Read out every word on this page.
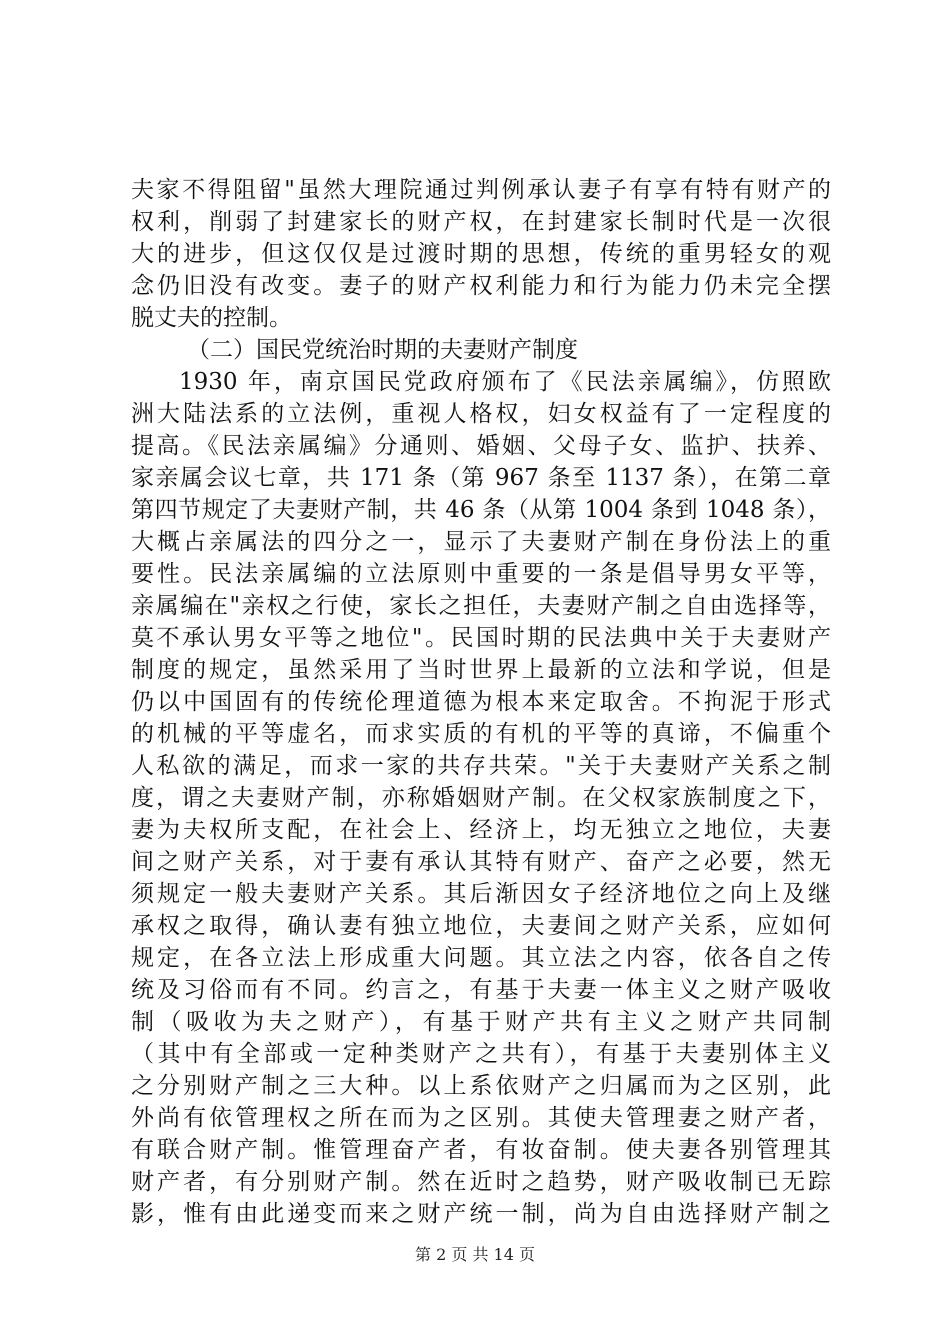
夫家不得阻留"虽然大理院通过判例承认妻子有享有特有财产的
权利，削弱了封建家长的财产权，在封建家长制时代是一次很
大的进步，但这仅仅是过渡时期的思想，传统的重男轻女的观
念仍旧没有改变。妻子的财产权利能力和行为能力仍未完全摆
脱丈夫的控制。
（二）国民党统治时期的夫妻财产制度
1930 年，南京国民党政府颁布了《民法亲属编》，仿照欧
洲大陆法系的立法例，重视人格权，妇女权益有了一定程度的
提高。《民法亲属编》分通则、婚姻、父母子女、监护、扶养、
家亲属会议七章，共 171 条（第 967 条至 1137 条），在第二章
第四节规定了夫妻财产制，共 46 条（从第 1004 条到 1048 条），
大概占亲属法的四分之一，显示了夫妻财产制在身份法上的重
要性。民法亲属编的立法原则中重要的一条是倡导男女平等，
亲属编在"亲权之行使，家长之担任，夫妻财产制之自由选择等，
莫不承认男女平等之地位"。民国时期的民法典中关于夫妻财产
制度的规定，虽然采用了当时世界上最新的立法和学说，但是
仍以中国固有的传统伦理道德为根本来定取舍。不拘泥于形式
的机械的平等虚名，而求实质的有机的平等的真谛，不偏重个
人私欲的满足，而求一家的共存共荣。"关于夫妻财产关系之制
度，谓之夫妻财产制，亦称婚姻财产制。在父权家族制度之下，
妻为夫权所支配，在社会上、经济上，均无独立之地位，夫妻
间之财产关系，对于妻有承认其特有财产、奋产之必要，然无
须规定一般夫妻财产关系。其后渐因女子经济地位之向上及继
承权之取得，确认妻有独立地位，夫妻间之财产关系，应如何
规定，在各立法上形成重大问题。其立法之内容，依各自之传
统及习俗而有不同。约言之，有基于夫妻一体主义之财产吸收
制（吸收为夫之财产），有基于财产共有主义之财产共同制
（其中有全部或一定种类财产之共有），有基于夫妻别体主义
之分别财产制之三大种。以上系依财产之归属而为之区别，此
外尚有依管理权之所在而为之区别。其使夫管理妻之财产者，
有联合财产制。惟管理奋产者，有妆奋制。使夫妻各别管理其
财产者，有分别财产制。然在近时之趋势，财产吸收制已无踪
影，惟有由此递变而来之财产统一制，尚为自由选择财产制之
第 2 页 共 14 页
